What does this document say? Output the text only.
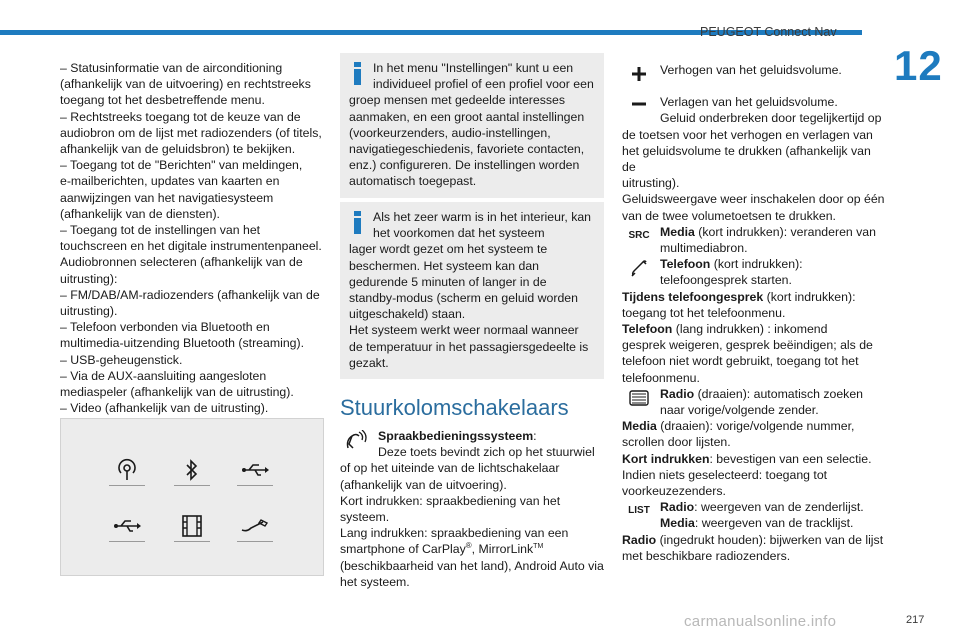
PEUGEOT Connect Nav
12

– Statusinformatie van de airconditioning

(afhankelijk van de uitvoering) en rechtstreeks

toegang tot het desbetreffende menu.

– Rechtstreeks toegang tot de keuze van de

audiobron om de lijst met radiozenders (of titels,

afhankelijk van de geluidsbron) te bekijken.

– Toegang tot de "Berichten" van meldingen,

e-mailberichten, updates van kaarten en

aanwijzingen van het navigatiesysteem

(afhankelijk van de diensten).

– Toegang tot de instellingen van het

touchscreen en het digitale instrumentenpaneel.

Audiobronnen selecteren (afhankelijk van de

uitrusting):

– FM/DAB/AM-radiozenders (afhankelijk van de

uitrusting).

– Telefoon verbonden via Bluetooth en

multimedia-uitzending Bluetooth (streaming).

– USB-geheugenstick.

– Via de AUX-aansluiting aangesloten

mediaspeler (afhankelijk van de uitrusting).

– Video (afhankelijk van de uitrusting).

In het menu "Instellingen" kunt u een

individueel profiel of een profiel voor een

groep mensen met gedeelde interesses

aanmaken, en een groot aantal instellingen

(voorkeurzenders, audio-instellingen,

navigatiegeschiedenis, favoriete contacten,

enz.) configureren. De instellingen worden

automatisch toegepast.

Als het zeer warm is in het interieur, kan

het voorkomen dat het systeem

lager wordt gezet om het systeem te

beschermen. Het systeem kan dan

gedurende 5 minuten of langer in de

standby-modus (scherm en geluid worden

uitgeschakeld) staan.

Het systeem werkt weer normaal wanneer

de temperatuur in het passagiersgedeelte is

gezakt.

Stuurkolomschakelaars

Spraakbedieningssysteem:

Deze toets bevindt zich op het stuurwiel

of op het uiteinde van de lichtschakelaar

(afhankelijk van de uitvoering).

Kort indrukken: spraakbediening van het

systeem.

Lang indrukken: spraakbediening van een

smartphone of CarPlay®, MirrorLink™

(beschikbaarheid van het land), Android Auto via

het systeem.

Verhogen van het geluidsvolume.

Verlagen van het geluidsvolume.

Geluid onderbreken door tegelijkertijd op

de toetsen voor het verhogen en verlagen van

het geluidsvolume te drukken (afhankelijk van de

uitrusting).

Geluidsweergave weer inschakelen door op één

van de twee volumetoetsen te drukken.

SRC Media (kort indrukken): veranderen van

multimediabron.

Telefoon (kort indrukken):

telefoongesprek starten.

Tijdens telefoongesprek (kort indrukken):

toegang tot het telefoonmenu.

Telefoon (lang indrukken) : inkomend

gesprek weigeren, gesprek beëindigen; als de

telefoon niet wordt gebruikt, toegang tot het

telefoonmenu.

Radio (draaien): automatisch zoeken

naar vorige/volgende zender.

Media (draaien): vorige/volgende nummer,

scrollen door lijsten.

Kort indrukken: bevestigen van een selectie.

Indien niets geselecteerd: toegang tot

voorkeuzezenders.

LIST Radio: weergeven van de zenderlijst.

Media: weergeven van de tracklijst.

Radio (ingedrukt houden): bijwerken van de lijst

met beschikbare radiozenders.

217
carmanualsonline.info
